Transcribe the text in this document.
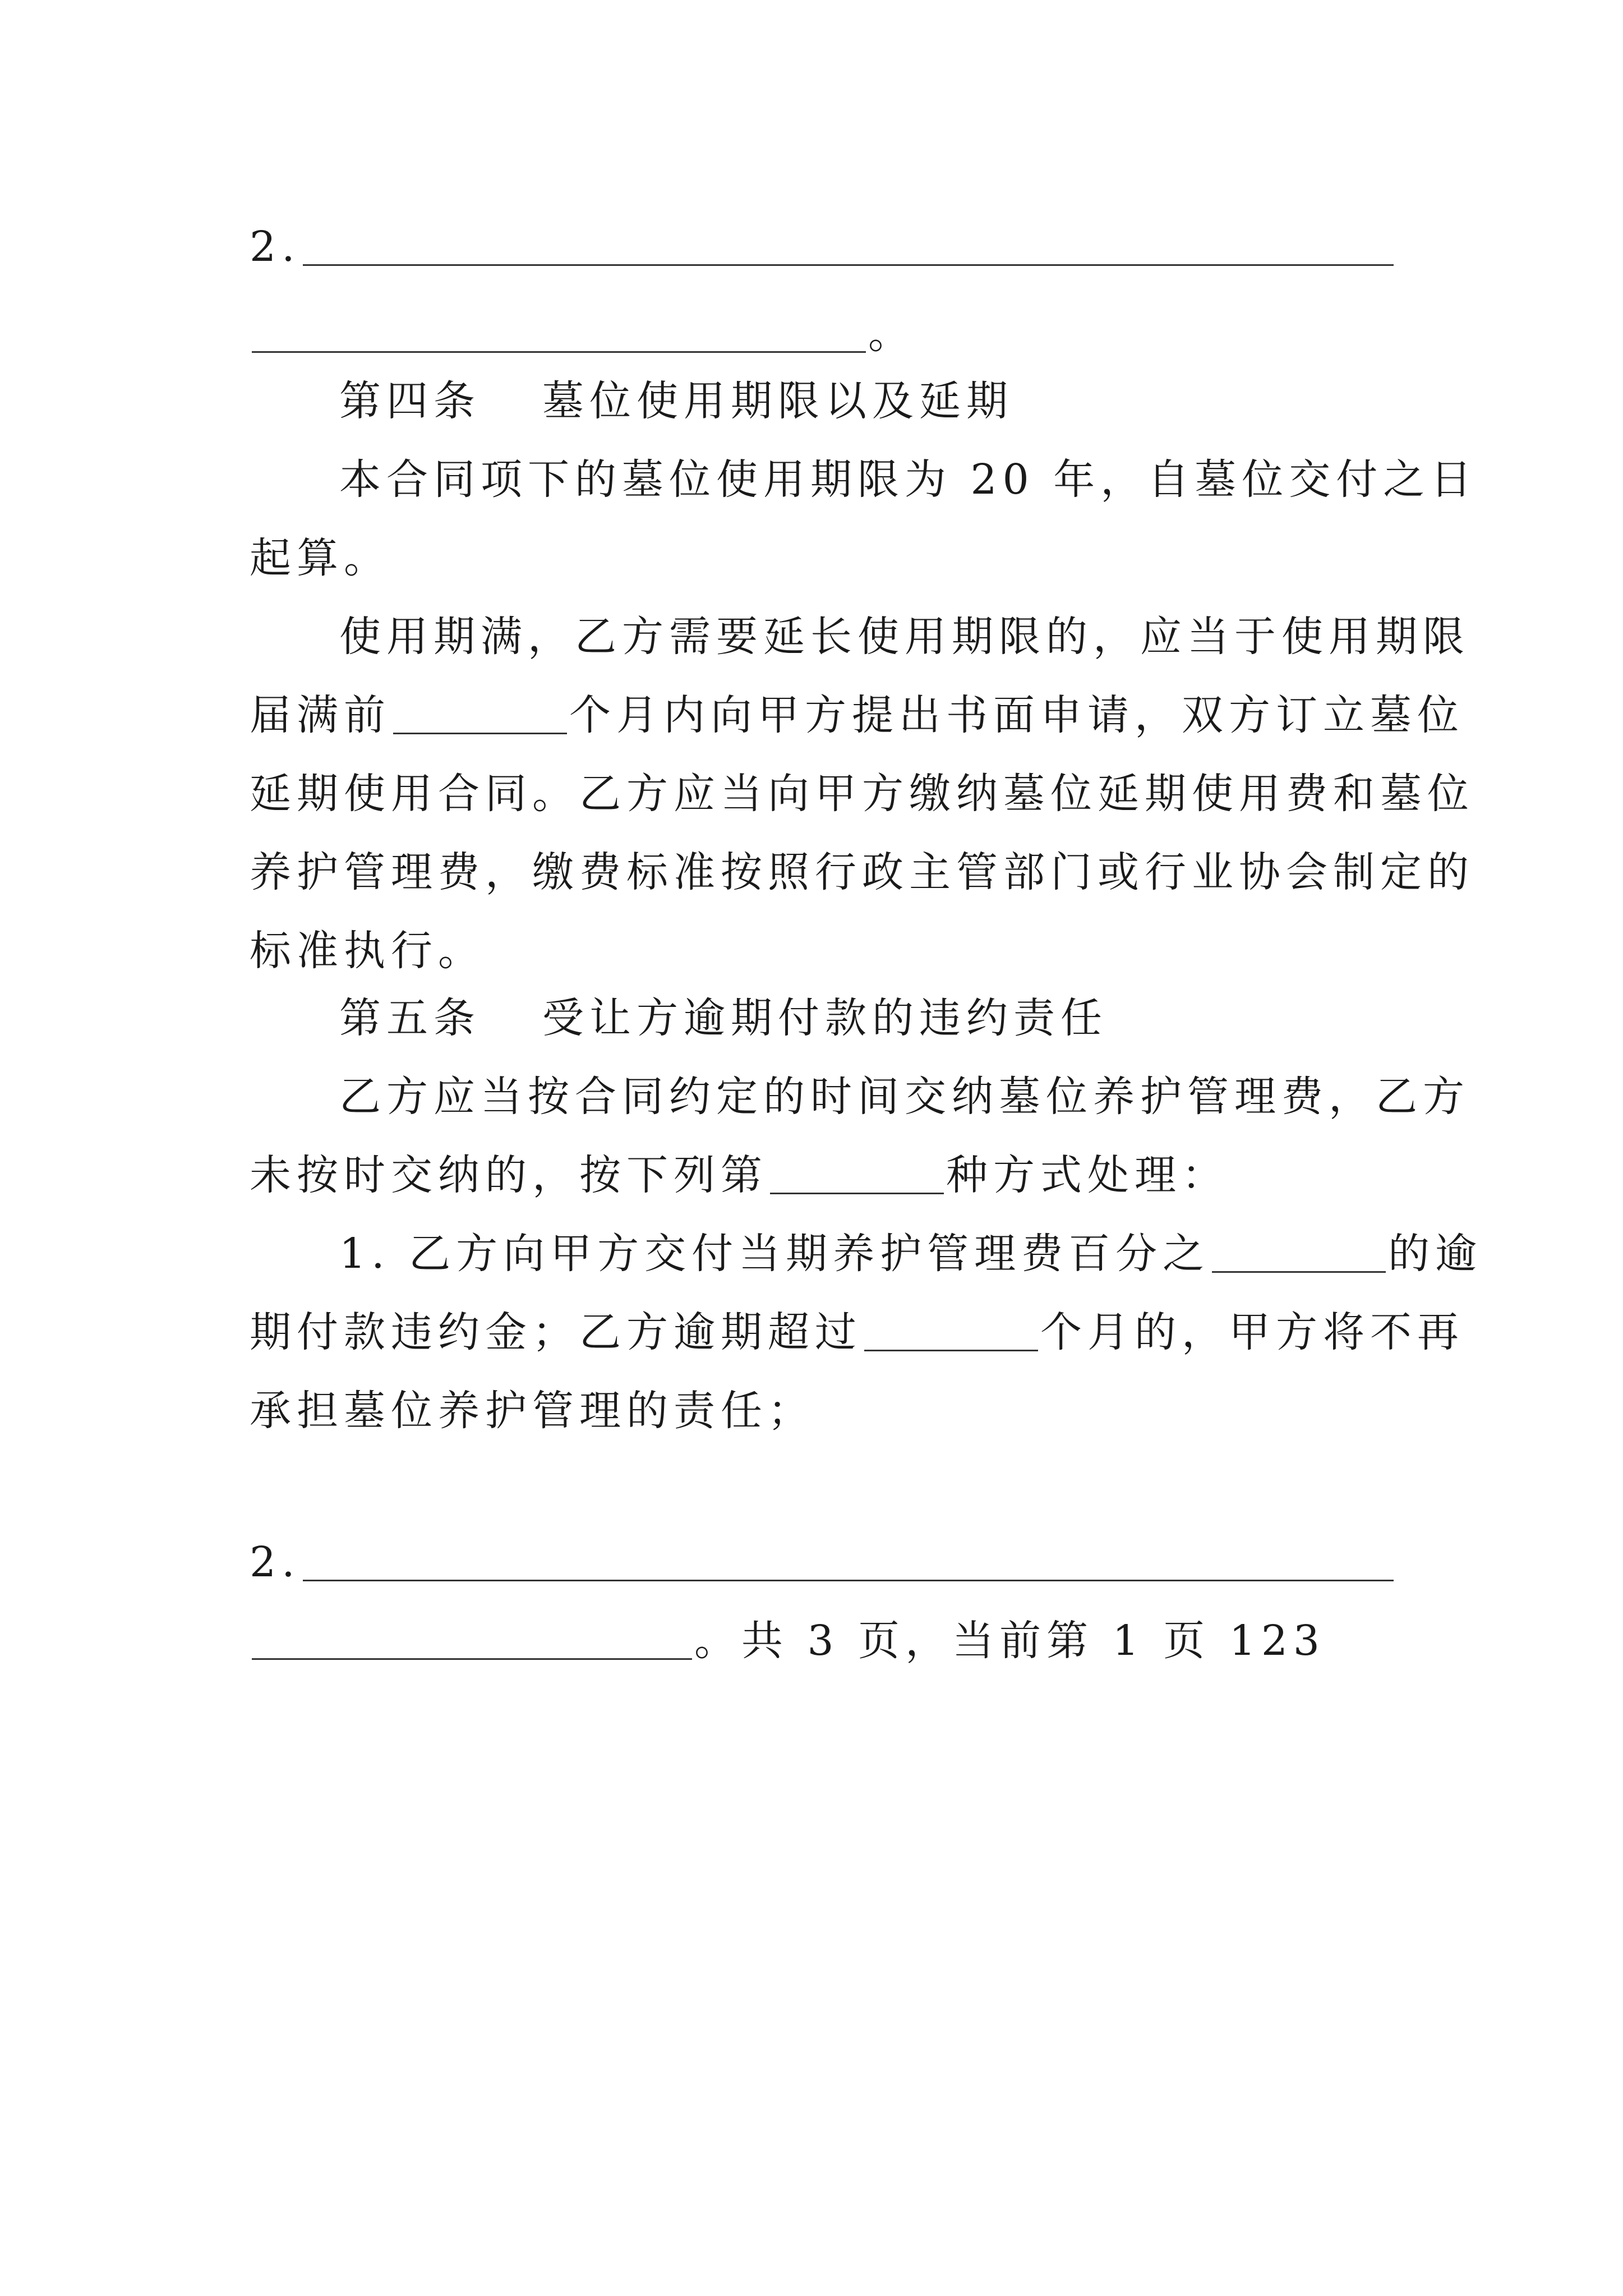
2.
。
第四条 墓位使用期限以及延期
本合同项下的墓位使用期限为 20 年，自墓位交付之日
起算。
使用期满，乙方需要延长使用期限的，应当于使用期限
届满前	个月内向甲方提出书面申请，双方订立墓位
延期使用合同。乙方应当向甲方缴纳墓位延期使用费和墓位
养护管理费，缴费标准按照行政主管部门或行业协会制定的
标准执行。
第五条 受让方逾期付款的违约责任
乙方应当按合同约定的时间交纳墓位养护管理费，乙方
未按时交纳的，按下列第	种方式处理：
1. 乙方向甲方交付当期养护管理费百分之	的逾
期付款违约金；乙方逾期超过	个月的，甲方将不再
承担墓位养护管理的责任；
2.
。共 3 页，当前第 1 页 123
